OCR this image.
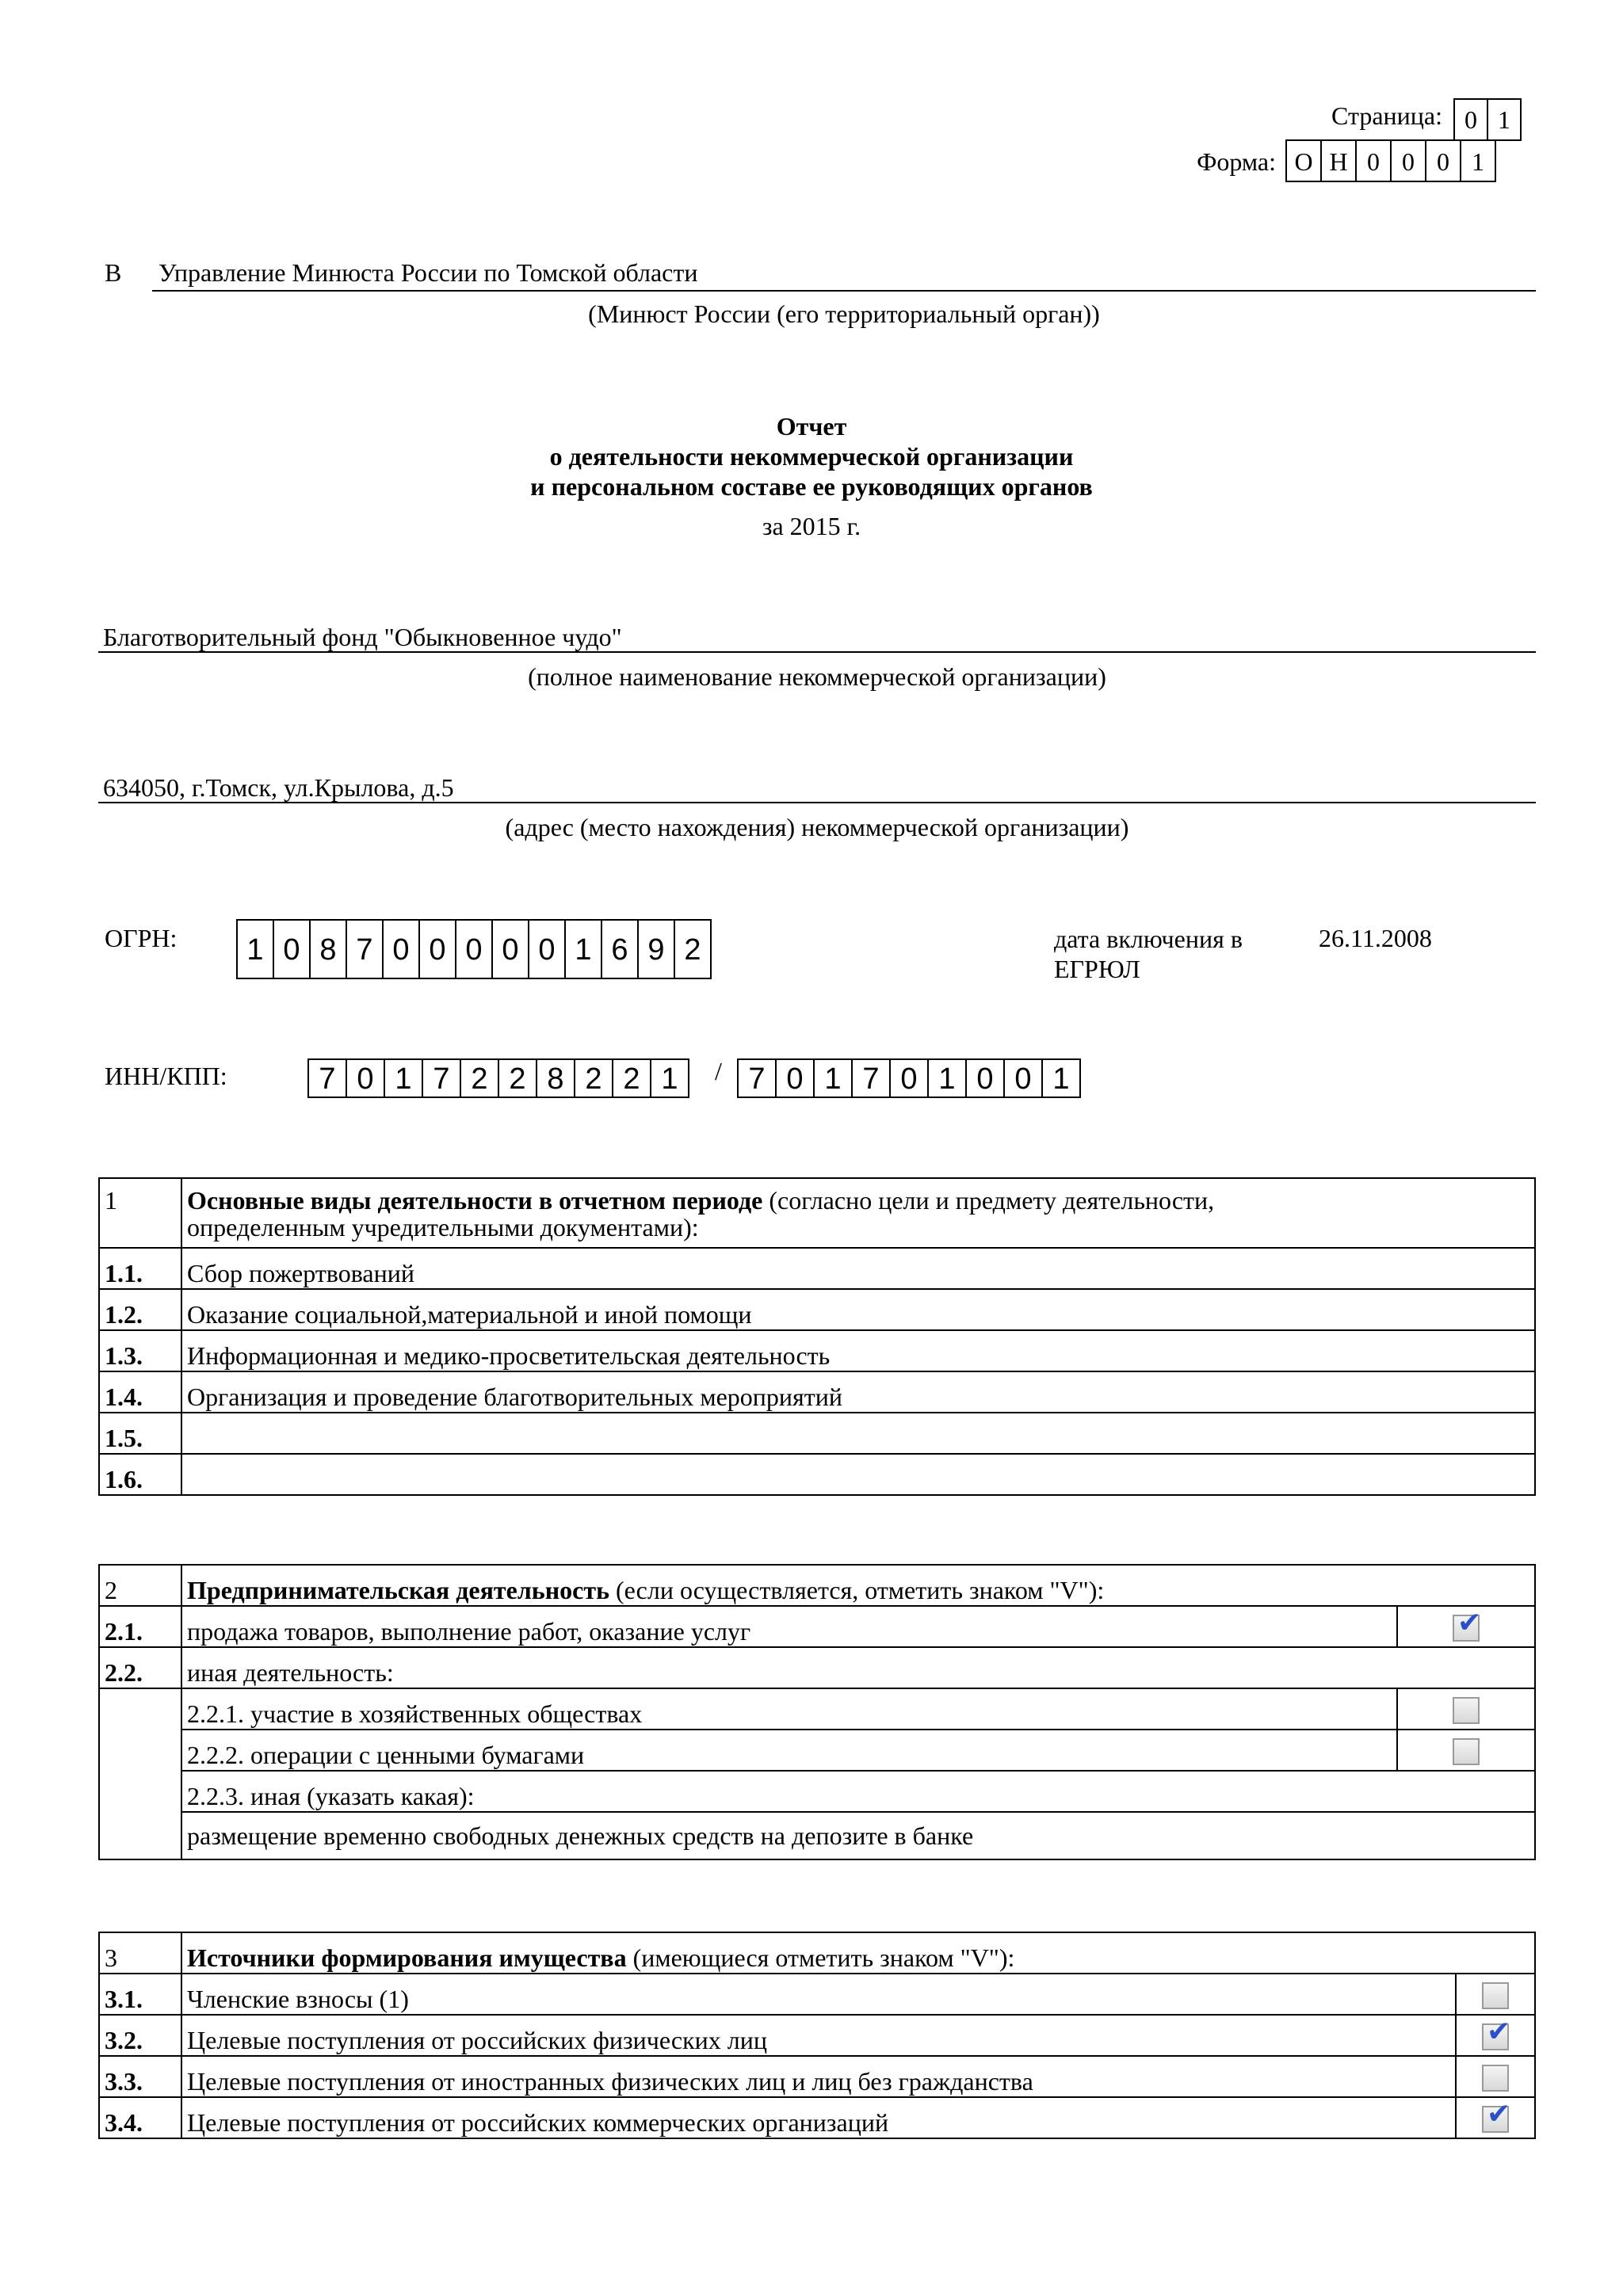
Страница: 0 1
Форма: О Н 0 0 0 1
В Управление Минюста России по Томской области
(Минюст России (его территориальный орган))
Отчет
о деятельности некоммерческой организации
и персональном составе ее руководящих органов
за 2015 г.
Благотворительный фонд "Обыкновенное чудо"
(полное наименование некоммерческой организации)
634050, г.Томск, ул.Крылова, д.5
(адрес (место нахождения) некоммерческой организации)
ОГРН:	1 0 8 7 0 0 0 0 0 1 6 9 2	дата включения в
ЕГРЮЛ
26.11.2008
ИНН/КПП:	7 0 1 7 2 2 8 2 2 1	/ 7 0 1 7 0 1 0 0 1
1	Основные виды деятельности в отчетном периоде (согласно цели и предмету деятельности,
определенным учредительными документами):
1.1.	Сбор пожертвований
1.2.	Оказание социальной,материальной и иной помощи
1.3.	Информационная и медико-просветительская деятельность
1.4.	Организация и проведение благотворительных мероприятий
1.5.	
1.6.	
2	Предпринимательская деятельность (если осуществляется, отметить знаком "V"):	
2.1.	продажа товаров, выполнение работ, оказание услуг	✔
2.2.	иная деятельность:	
	2.2.1. участие в хозяйственных обществах	
	2.2.2. операции с ценными бумагами	
	2.2.3. иная (указать какая):	
	размещение временно свободных денежных средств на депозите в банке	
3	Источники формирования имущества (имеющиеся отметить знаком "V"):	
3.1.	Членские взносы (1)	
3.2.	Целевые поступления от российских физических лиц	✔
3.3.	Целевые поступления от иностранных физических лиц и лиц без гражданства	
3.4.	Целевые поступления от российских коммерческих организаций	✔
